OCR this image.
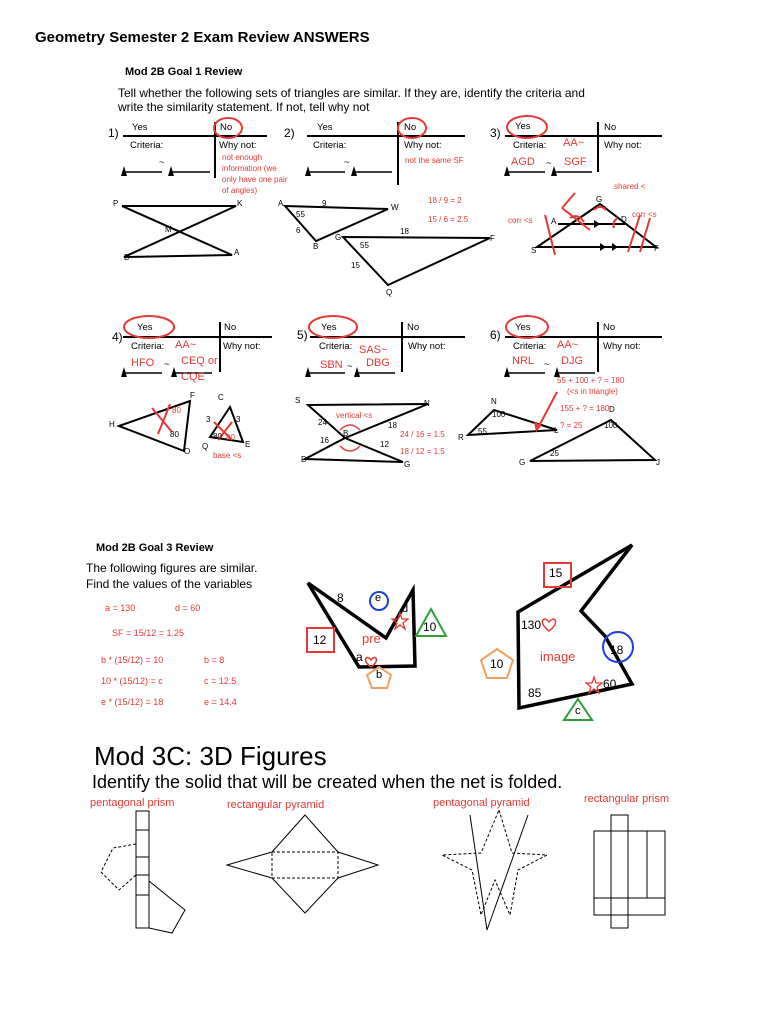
Geometry Semester 2 Exam Review ANSWERS
Mod 2B Goal 1 Review
Tell whether the following sets of triangles are similar. If they are, identify the criteria and
write the similarity statement. If not, tell why not
1) Yes	No
Criteria:	Why not:
~	not enough
information (we
only have one pair
of angles)
P	K
M
B
A
2) Yes	No
Criteria:	Why not:
~	not the same SF
18 / 9 = 2
15 / 6 = 2.5
A	9	W
55
6
B
G
18
F
55
15
Q
3) Yes	No
Criteria: AA~ Why not:
AGD ~ SGF
shared <
corr <s
corr <s
G
A	D
S	F
4)
Yes	No
Criteria: AA~	Why not:
HFO ~ CEQ or
CQE
F	C
H
80
80
O
3	3
80 80
Q	E
base <s
5)
Yes	No
Criteria: SAS~ Why not:
SBN ~ DBG
S	N
vertical <s
24	18
B
16	12
24 / 16 = 1.5
18 / 12 = 1.5
D
G
6)
Yes	No
Criteria: AA~	Why not:
NRL ~ DJG
55 + 100 + ? = 180
(<s in triangle)
155 + ? = 180
? = 25
N
100
55
R
L
D
100
25
G	J
Mod 2B Goal 3 Review
The following figures are similar.
Find the values of the variables
a = 130	d = 60
SF = 15/12 = 1.25
b * (15/12) = 10	b = 8
10 * (15/12) = c	c = 12.5
e * (15/12) = 18	e = 14.4
8	e
d
10
12	pre
a
b
15
130
18
image
10
60
85
c
Mod 3C: 3D Figures
Identify the solid that will be created when the net is folded.
pentagonal prism	rectangular pyramid	pentagonal pyramid	rectangular prism
